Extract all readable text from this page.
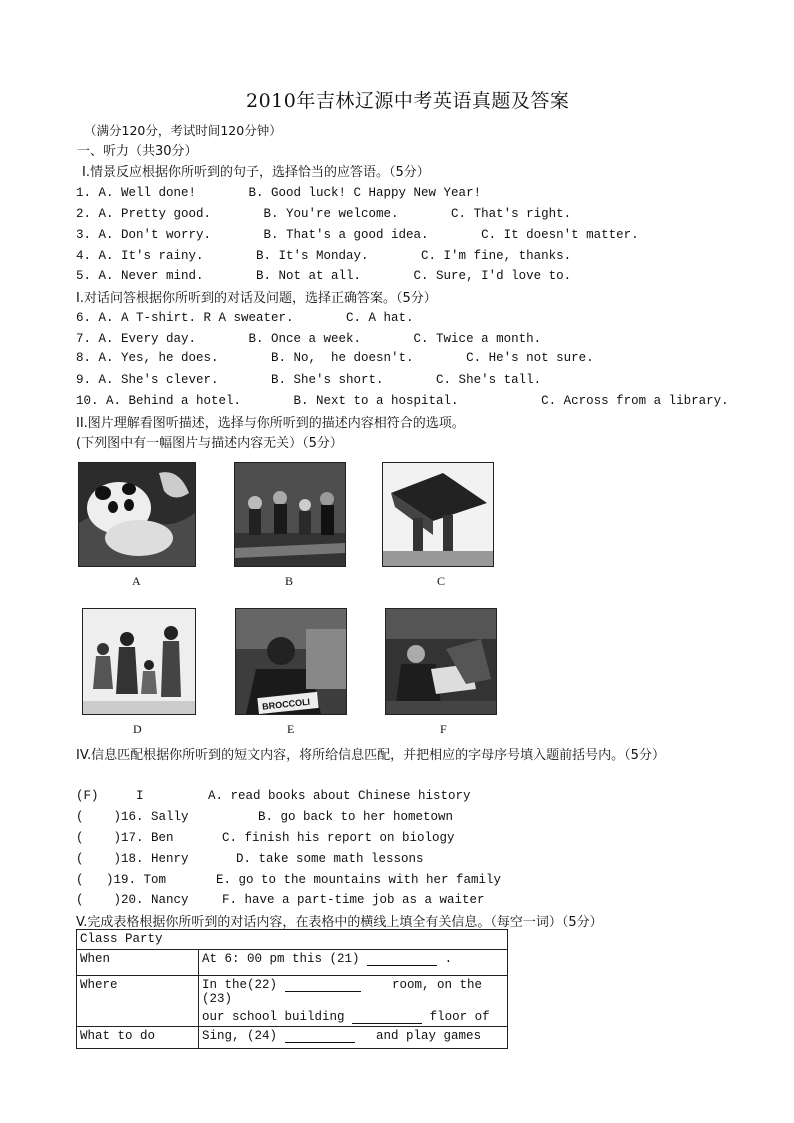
2010年吉林辽源中考英语真题及答案
（满分120分，考试时间120分钟）
一、听力（共30分）
I.情景反应根据你所听到的句子，选择恰当的应答语。（5分）
1. A. Well done!       B. Good luck! C Happy New Year!
2. A. Pretty good.       B. You're welcome.       C. That's right.
3. A. Don't worry.       B. That's a good idea.       C. It doesn't matter.
4. A. It's rainy.       B. It's Monday.       C. I'm fine, thanks.
5. A. Never mind.       B. Not at all.       C. Sure, I'd love to.
I.对话问答根据你所听到的对话及问题，选择正确答案。（5分）
6. A. A T-shirt. R A sweater.       C. A hat.
7. A. Every day.       B. Once a week.       C. Twice a month.
8. A. Yes, he does.       B. No,  he doesn't.       C. He's not sure.
9. A. She's clever.       B. She's short.       C. She's tall.
10. A. Behind a hotel.       B. Next to a hospital.           C. Across from a library.
II.图片理解看图听描述，选择与你所听到的描述内容相符合的选项。
(下列图中有一幅图片与描述内容无关）（5分）
A	B	C
D
BROCCOLI
E	F
IV.信息匹配根据你所听到的短文内容，将所给信息匹配，并把相应的字母序号填入题前括号内。（5分）
(F)     I	A. read books about Chinese history
(    )16. Sally	B. go back to her hometown
(    )17. Ben	C. finish his report on biology
(    )18. Henry	D. take some math lessons
(   )19. Tom	E. go to the mountains with her family
(    )20. Nancy	F. have a part-time job as a waiter
V.完成表格根据你所听到的对话内容，在表格中的横线上填全有关信息。（每空一词）（5分）
Class Party	
When	At 6: 00 pm this (21) .
Where	In the(22) room, on the (23)
our school building floor of

What to do	Sing, (24) and play games
